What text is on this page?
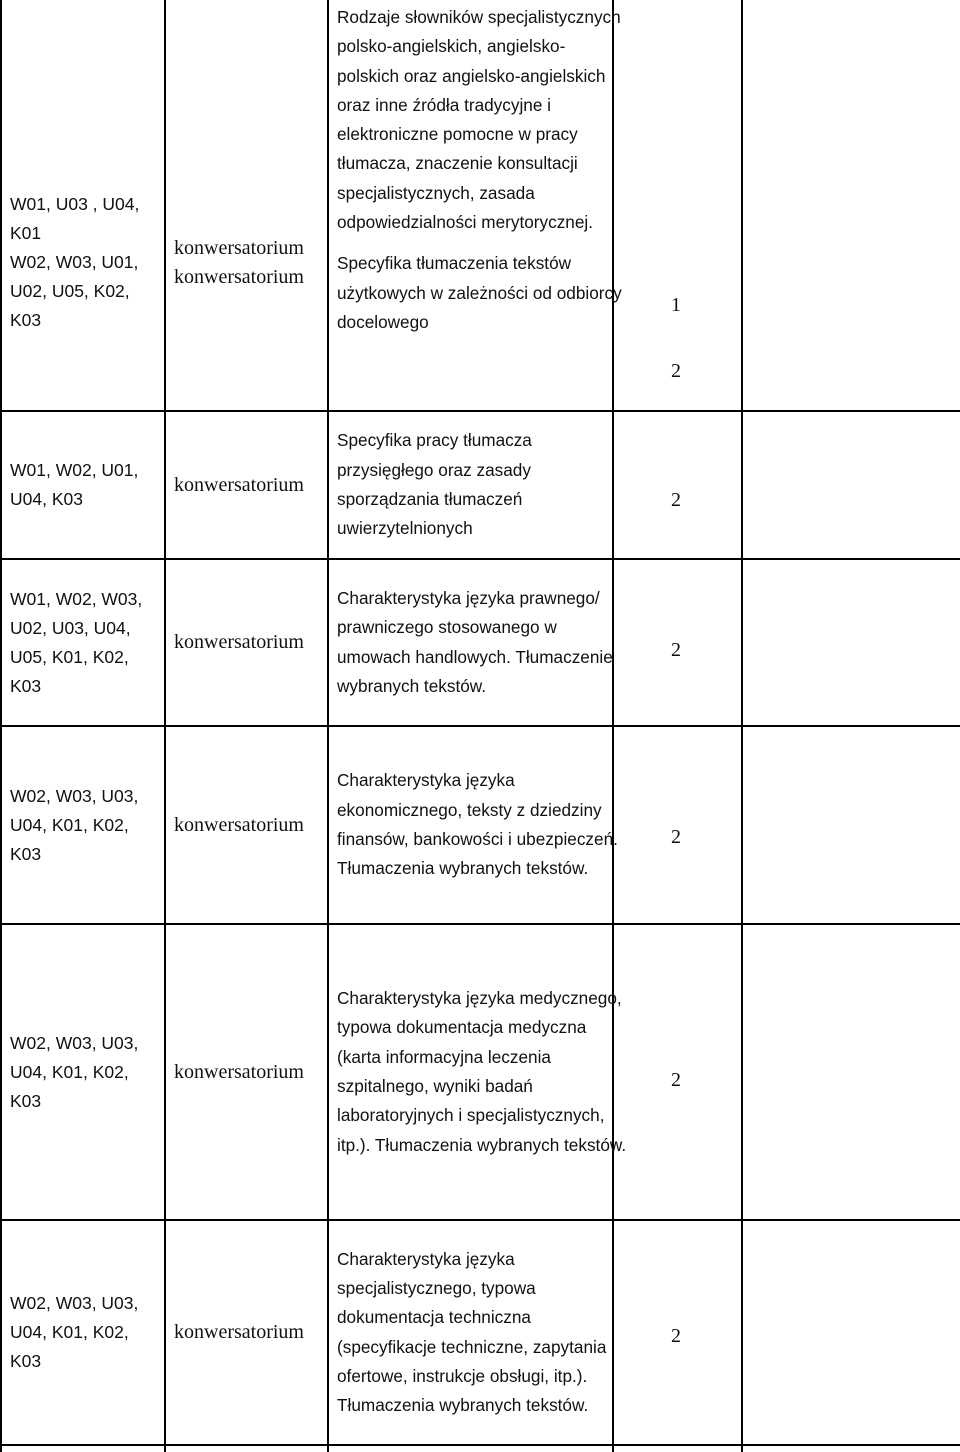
W01, U03 , U04, K01
W02, W03, U01, U02, U05, K02, K03
konwersatorium
konwersatorium
Rodzaje słowników specjalistycznych polsko-angielskich, angielsko-polskich oraz angielsko-angielskich oraz inne źródła tradycyjne i elektroniczne pomocne w pracy tłumacza, znaczenie konsultacji specjalistycznych, zasada odpowiedzialności merytorycznej.
Specyfika tłumaczenia tekstów użytkowych w zależności od odbiorcy docelowego
1
2
W01, W02, U01, U04, K03
konwersatorium
Specyfika pracy tłumacza przysięgłego oraz zasady sporządzania tłumaczeń uwierzytelnionych
2
W01, W02, W03, U02, U03, U04, U05, K01, K02, K03
konwersatorium
Charakterystyka języka prawnego/ prawniczego stosowanego w umowach handlowych. Tłumaczenie wybranych tekstów.
2
W02, W03, U03, U04, K01, K02, K03
konwersatorium
Charakterystyka języka ekonomicznego, teksty z dziedziny finansów, bankowości i ubezpieczeń. Tłumaczenia wybranych tekstów.
2
W02, W03, U03, U04, K01, K02, K03
konwersatorium
Charakterystyka języka medycznego, typowa dokumentacja medyczna (karta informacyjna leczenia szpitalnego, wyniki badań laboratoryjnych i specjalistycznych, itp.). Tłumaczenia wybranych tekstów.
2
W02, W03, U03, U04, K01, K02, K03
konwersatorium
Charakterystyka języka specjalistycznego, typowa dokumentacja techniczna (specyfikacje techniczne, zapytania ofertowe, instrukcje obsługi, itp.). Tłumaczenia wybranych tekstów.
2
